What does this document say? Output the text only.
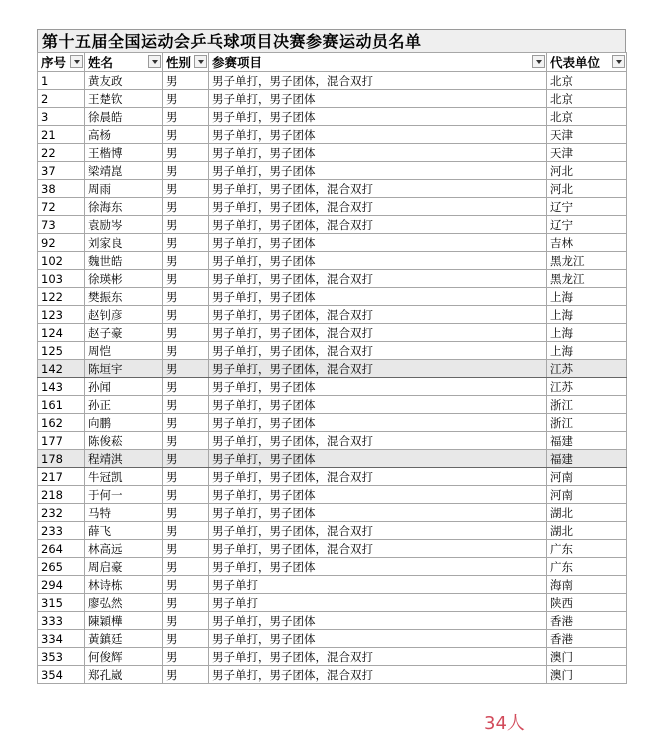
第十五届全国运动会乒乓球项目决赛参赛运动员名单
序号	姓名	性别	参赛项目	代表单位

1	黄友政	男	男子单打，男子团体，混合双打	北京
2	王楚钦	男	男子单打，男子团体	北京
3	徐晨皓	男	男子单打，男子团体	北京
21	高杨	男	男子单打，男子团体	天津
22	王楷博	男	男子单打，男子团体	天津
37	梁靖崑	男	男子单打，男子团体	河北
38	周雨	男	男子单打，男子团体，混合双打	河北
72	徐海东	男	男子单打，男子团体，混合双打	辽宁
73	袁励岑	男	男子单打，男子团体，混合双打	辽宁
92	刘家良	男	男子单打，男子团体	吉林
102	魏世皓	男	男子单打，男子团体	黑龙江
103	徐瑛彬	男	男子单打，男子团体，混合双打	黑龙江
122	樊振东	男	男子单打，男子团体	上海
123	赵钊彦	男	男子单打，男子团体，混合双打	上海
124	赵子豪	男	男子单打，男子团体，混合双打	上海
125	周恺	男	男子单打，男子团体，混合双打	上海
142	陈垣宇	男	男子单打，男子团体，混合双打	江苏
143	孙闻	男	男子单打，男子团体	江苏
161	孙正	男	男子单打，男子团体	浙江
162	向鹏	男	男子单打，男子团体	浙江
177	陈俊菘	男	男子单打，男子团体，混合双打	福建
178	程靖淇	男	男子单打，男子团体	福建
217	牛冠凯	男	男子单打，男子团体，混合双打	河南
218	于何一	男	男子单打，男子团体	河南
232	马特	男	男子单打，男子团体	湖北
233	薛飞	男	男子单打，男子团体，混合双打	湖北
264	林高远	男	男子单打，男子团体，混合双打	广东
265	周启豪	男	男子单打，男子团体	广东
294	林诗栋	男	男子单打	海南
315	廖弘然	男	男子单打	陕西
333	陳穎樺	男	男子单打，男子团体	香港
334	黃鎮廷	男	男子单打，男子团体	香港
353	何俊辉	男	男子单打，男子团体，混合双打	澳门
354	郑孔崴	男	男子单打，男子团体，混合双打	澳门
34人
